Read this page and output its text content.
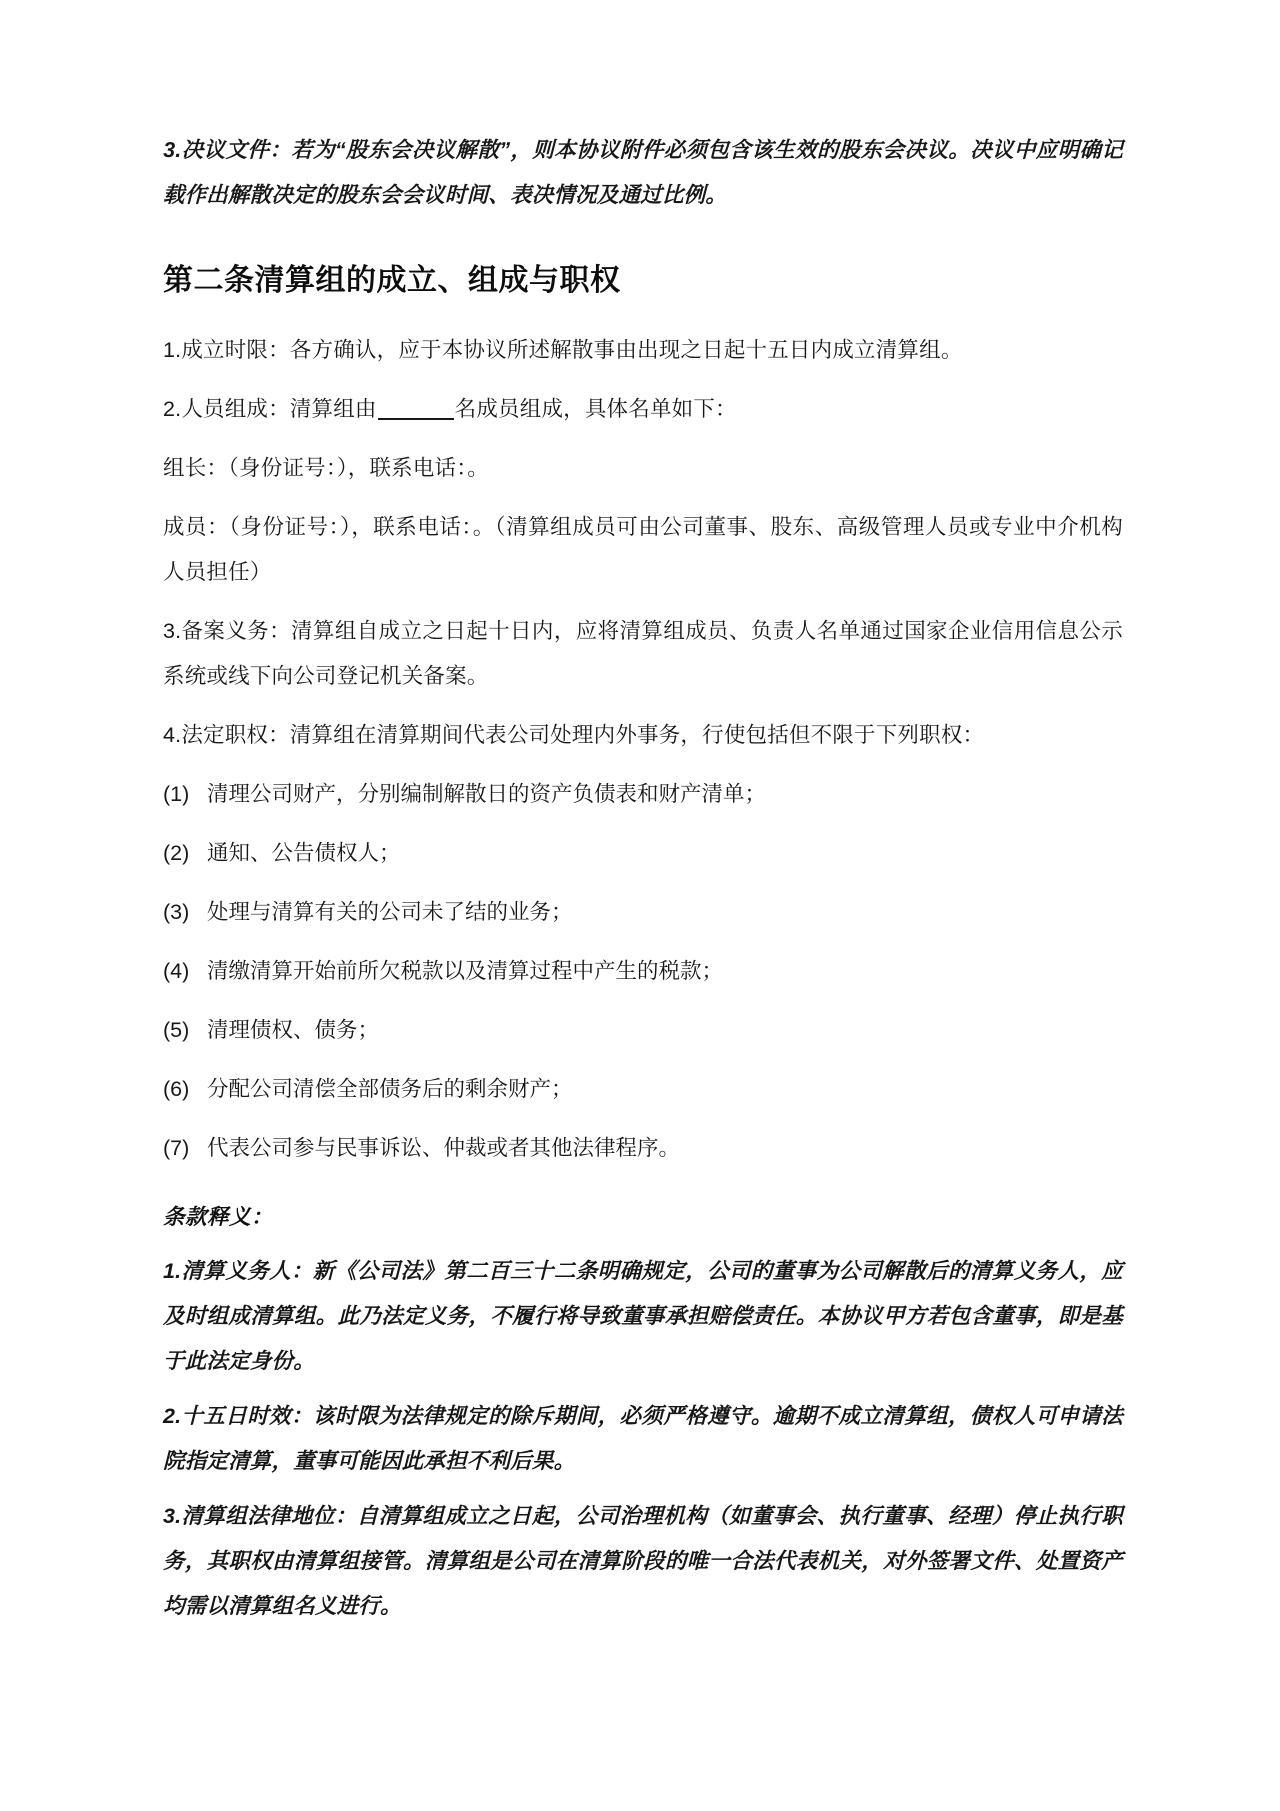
3.决议文件：若为“股东会决议解散”，则本协议附件必须包含该生效的股东会决议。决议中应明确记载作出解散决定的股东会会议时间、表决情况及通过比例。

第二条清算组的成立、组成与职权

1.成立时限：各方确认，应于本协议所述解散事由出现之日起十五日内成立清算组。

2.人员组成：清算组由	名成员组成，具体名单如下：

组长：（身份证号：），联系电话：。

成员：（身份证号：），联系电话：。（清算组成员可由公司董事、股东、高级管理人员或专业中介机构人员担任）

3.备案义务：清算组自成立之日起十日内，应将清算组成员、负责人名单通过国家企业信用信息公示系统或线下向公司登记机关备案。

4.法定职权：清算组在清算期间代表公司处理内外事务，行使包括但不限于下列职权：

(1) 清理公司财产，分别编制解散日的资产负债表和财产清单；
(2) 通知、公告债权人；
(3) 处理与清算有关的公司未了结的业务；
(4) 清缴清算开始前所欠税款以及清算过程中产生的税款；
(5) 清理债权、债务；
(6) 分配公司清偿全部债务后的剩余财产；
(7) 代表公司参与民事诉讼、仲裁或者其他法律程序。
条款释义：

1.清算义务人：新《公司法》第二百三十二条明确规定，公司的董事为公司解散后的清算义务人，应及时组成清算组。此乃法定义务，不履行将导致董事承担赔偿责任。本协议甲方若包含董事，即是基于此法定身份。

2.十五日时效：该时限为法律规定的除斥期间，必须严格遵守。逾期不成立清算组，债权人可申请法院指定清算，董事可能因此承担不利后果。

3.清算组法律地位：自清算组成立之日起，公司治理机构（如董事会、执行董事、经理）停止执行职务，其职权由清算组接管。清算组是公司在清算阶段的唯一合法代表机关，对外签署文件、处置资产均需以清算组名义进行。
